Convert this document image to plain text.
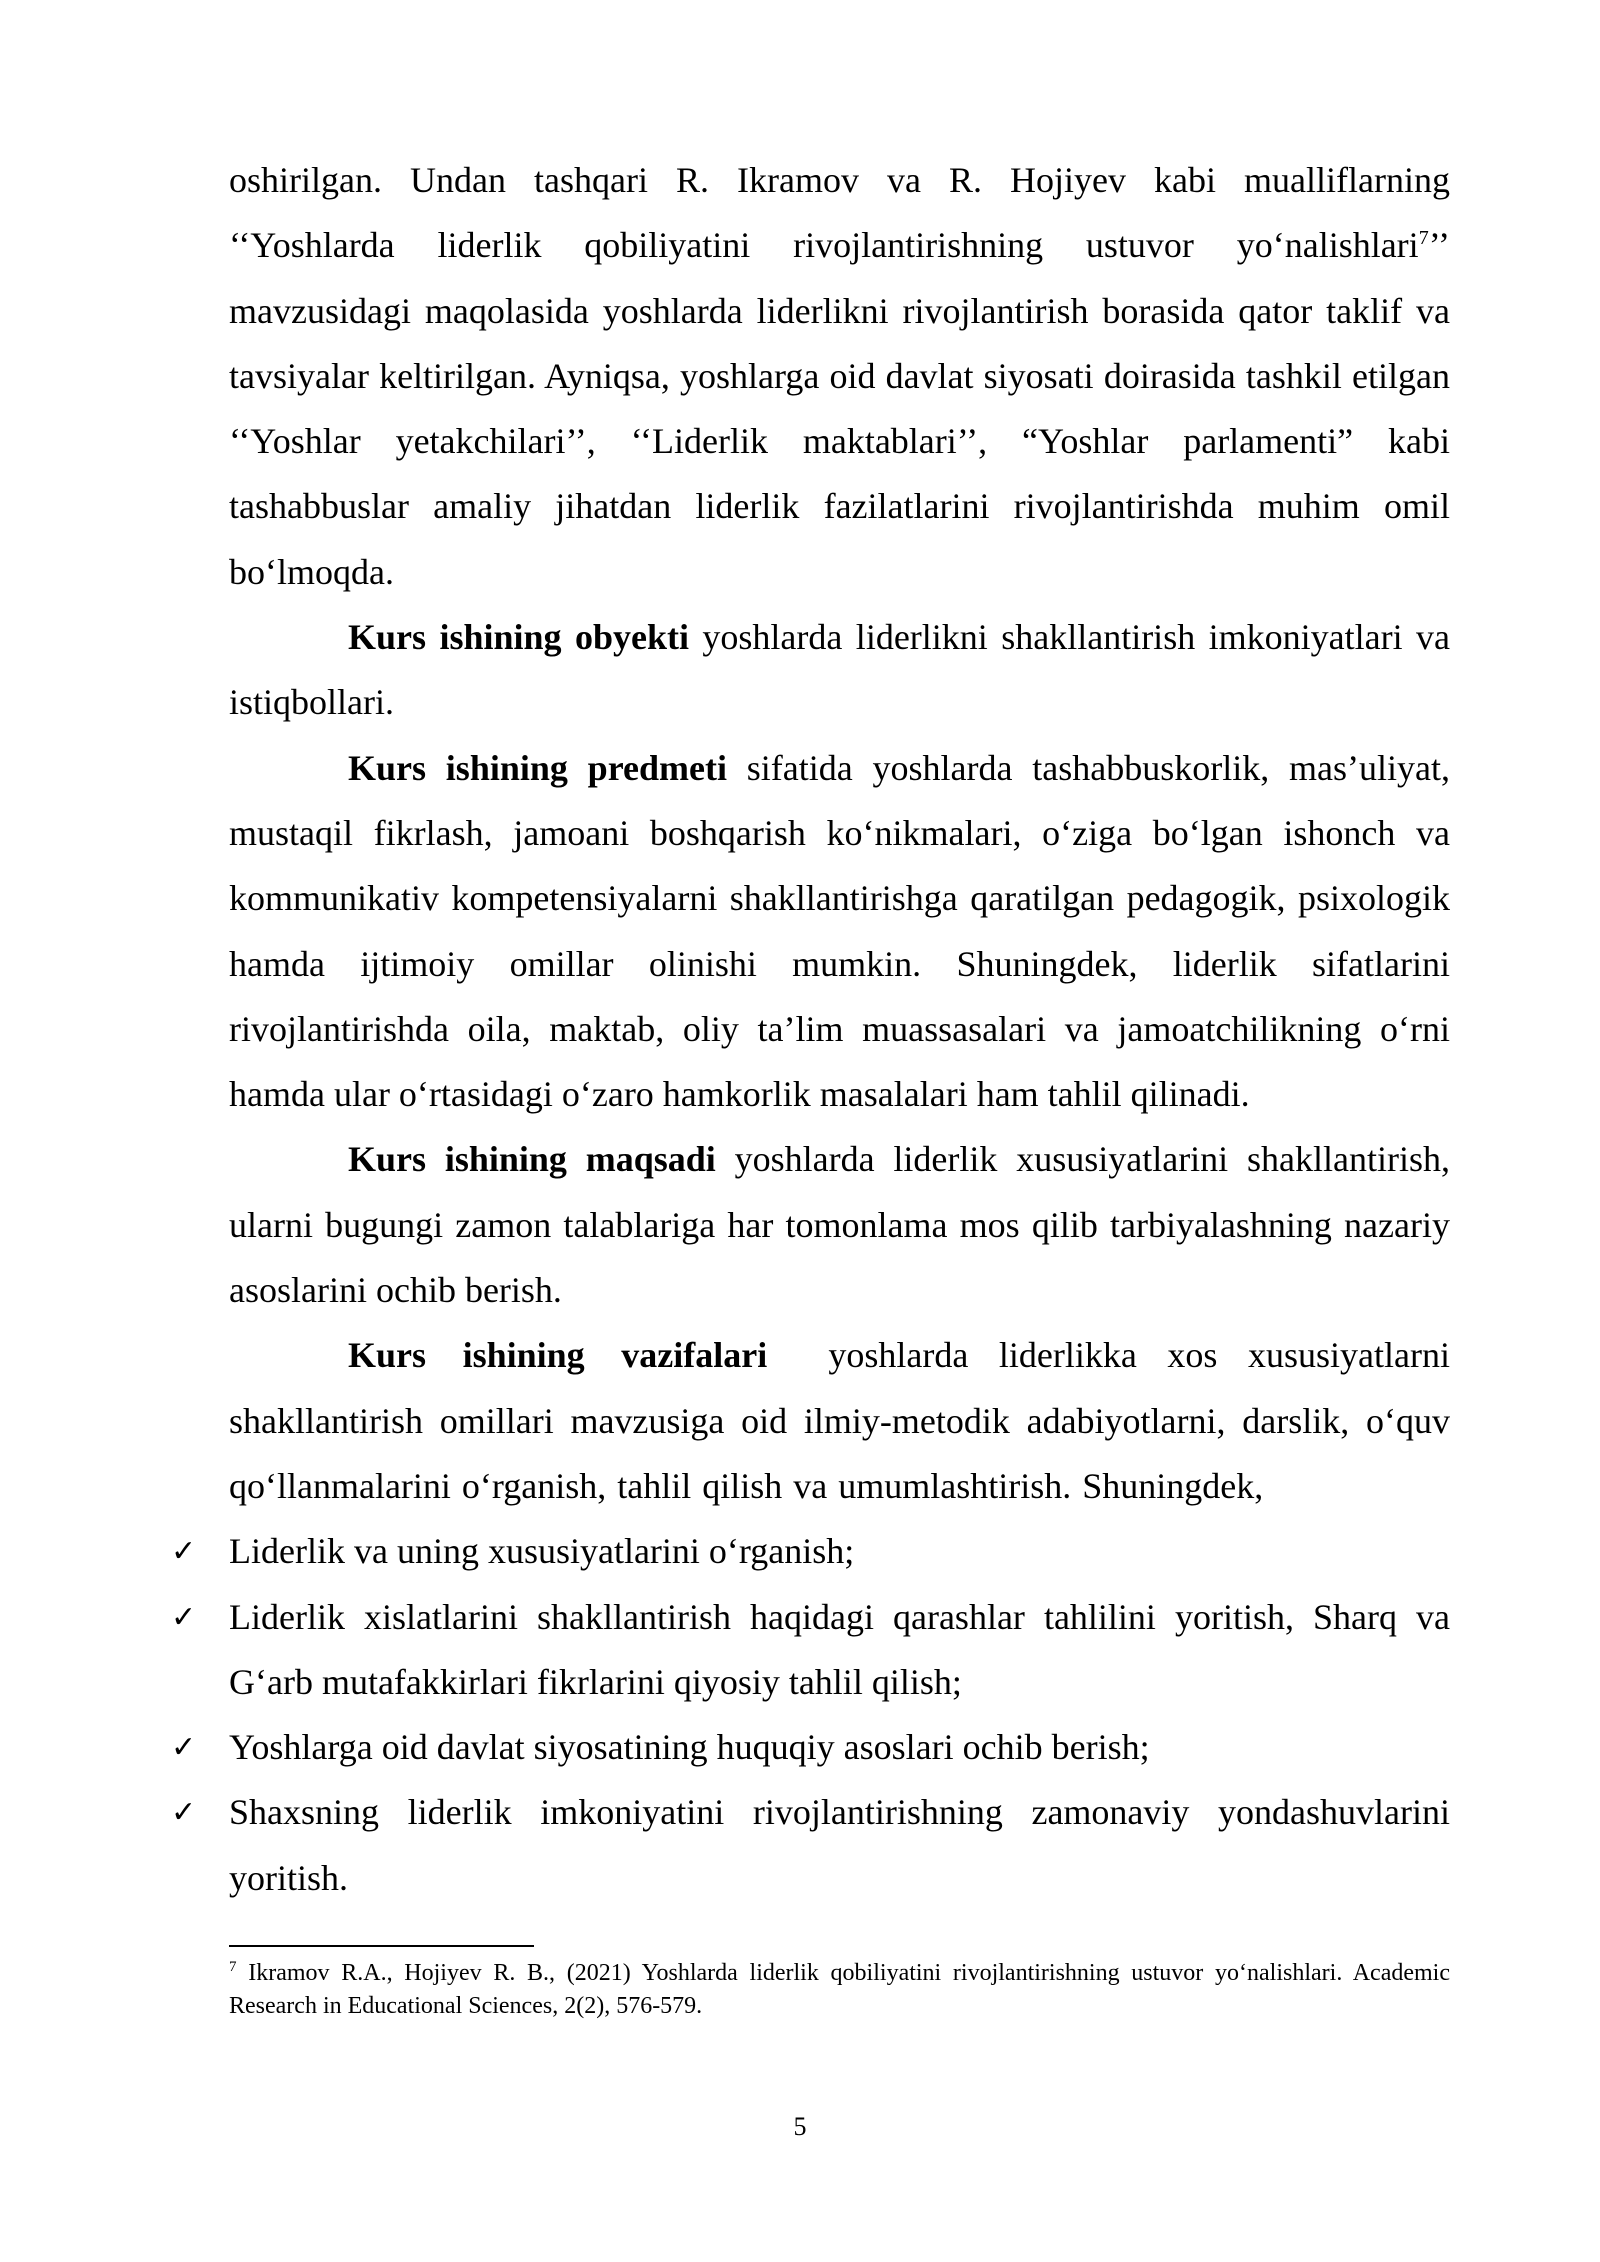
oshirilgan. Undan tashqari R. Ikramov va R. Hojiyev kabi mualliflarning ‘‘Yoshlarda liderlik qobiliyatini rivojlantirishning ustuvor yo‘nalishlari$^7$’’ mavzusidagi maqolasida yoshlarda liderlikni rivojlantirish borasida qator taklif va tavsiyalar keltirilgan. Ayniqsa, yoshlarga oid davlat siyosati doirasida tashkil etilgan ‘‘Yoshlar yetakchilari’’, ‘‘Liderlik maktablari’’, “Yoshlar parlamenti” kabi tashabbuslar amaliy jihatdan liderlik fazilatlarini rivojlantirishda muhim omil bo‘lmoqda.

Kurs ishining obyekti yoshlarda liderlikni shakllantirish imkoniyatlari va istiqbollari.

Kurs ishining predmeti sifatida yoshlarda tashabbuskorlik, mas’uliyat, mustaqil fikrlash, jamoani boshqarish ko‘nikmalari, o‘ziga bo‘lgan ishonch va kommunikativ kompetensiyalarni shakllantirishga qaratilgan pedagogik, psixologik hamda ijtimoiy omillar olinishi mumkin. Shuningdek, liderlik sifatlarini rivojlantirishda oila, maktab, oliy ta’lim muassasalari va jamoatchilikning o‘rni hamda ular o‘rtasidagi o‘zaro hamkorlik masalalari ham tahlil qilinadi.

Kurs ishining maqsadi yoshlarda liderlik xususiyatlarini shakllantirish, ularni bugungi zamon talablariga har tomonlama mos qilib tarbiyalashning nazariy asoslarini ochib berish.

Kurs ishining vazifalari  yoshlarda liderlikka xos xususiyatlarni shakllantirish omillari mavzusiga oid ilmiy-metodik adabiyotlarni, darslik, o‘quv qo‘llanmalarini o‘rganish, tahlil qilish va umumlashtirish. Shuningdek,

✓ Liderlik va uning xususiyatlarini o‘rganish;
✓ Liderlik xislatlarini shakllantirish haqidagi qarashlar tahlilini yoritish, Sharq va G‘arb mutafakkirlari fikrlarini qiyosiy tahlil qilish;
✓ Yoshlarga oid davlat siyosatining huquqiy asoslari ochib berish;
✓ Shaxsning liderlik imkoniyatini rivojlantirishning zamonaviy yondashuvlarini yoritish.
$^7$ Ikramov R.A., Hojiyev R. B., (2021) Yoshlarda liderlik qobiliyatini rivojlantirishning ustuvor yo‘nalishlari. Academic Research in Educational Sciences, 2(2), 576-579.
5
